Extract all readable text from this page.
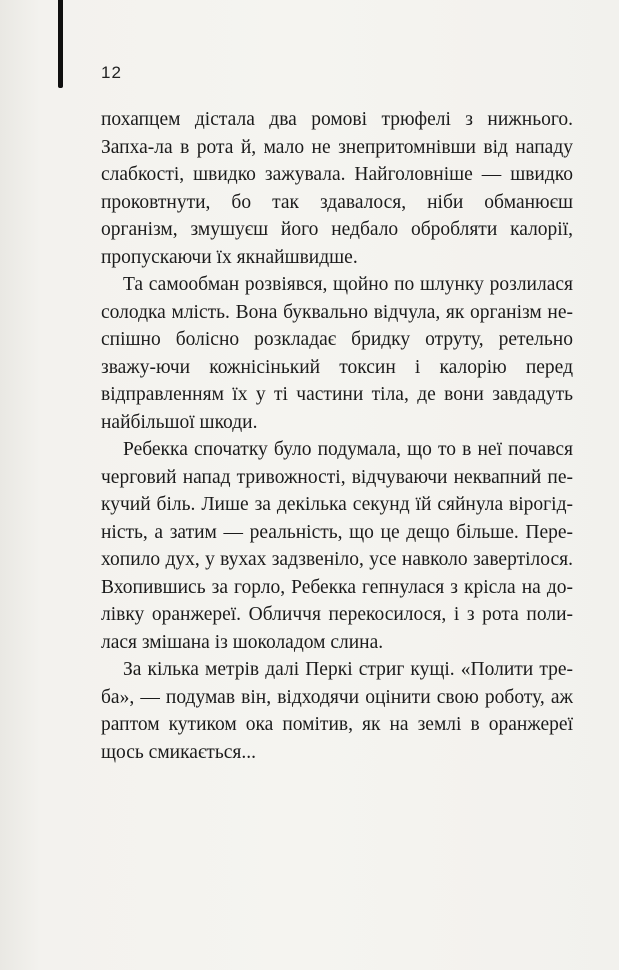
12

похапцем дістала два ромові трюфелі з нижнього. Запха-ла в рота й, мало не знепритомнівши від нападу слабкості, швидко зажувала. Найголовніше — швидко проковтнути, бо так здавалося, ніби обманюєш організм, змушуєш його недбало обробляти калорії, пропускаючи їх якнайшвидше.

Та самообман розвіявся, щойно по шлунку розлилася солодка млість. Вона буквально відчула, як організм не-спішно болісно розкладає бридку отруту, ретельно зважу-ючи кожнісінький токсин і калорію перед відправленням їх у ті частини тіла, де вони завдадуть найбільшої шкоди.

Ребекка спочатку було подумала, що то в неї почався черговий напад тривожності, відчуваючи неквапний пе-кучий біль. Лише за декілька секунд їй сяйнула вірогід-ність, а затим — реальність, що це дещо більше. Пере-хопило дух, у вухах задзвеніло, усе навколо завертілося. Вхопившись за горло, Ребекка гепнулася з крісла на до-лівку оранжереї. Обличчя перекосилося, і з рота поли-лася змішана із шоколадом слина.

За кілька метрів далі Перкі стриг кущі. «Полити тре-ба», — подумав він, відходячи оцінити свою роботу, аж раптом кутиком ока помітив, як на землі в оранжереї щось смикається...
